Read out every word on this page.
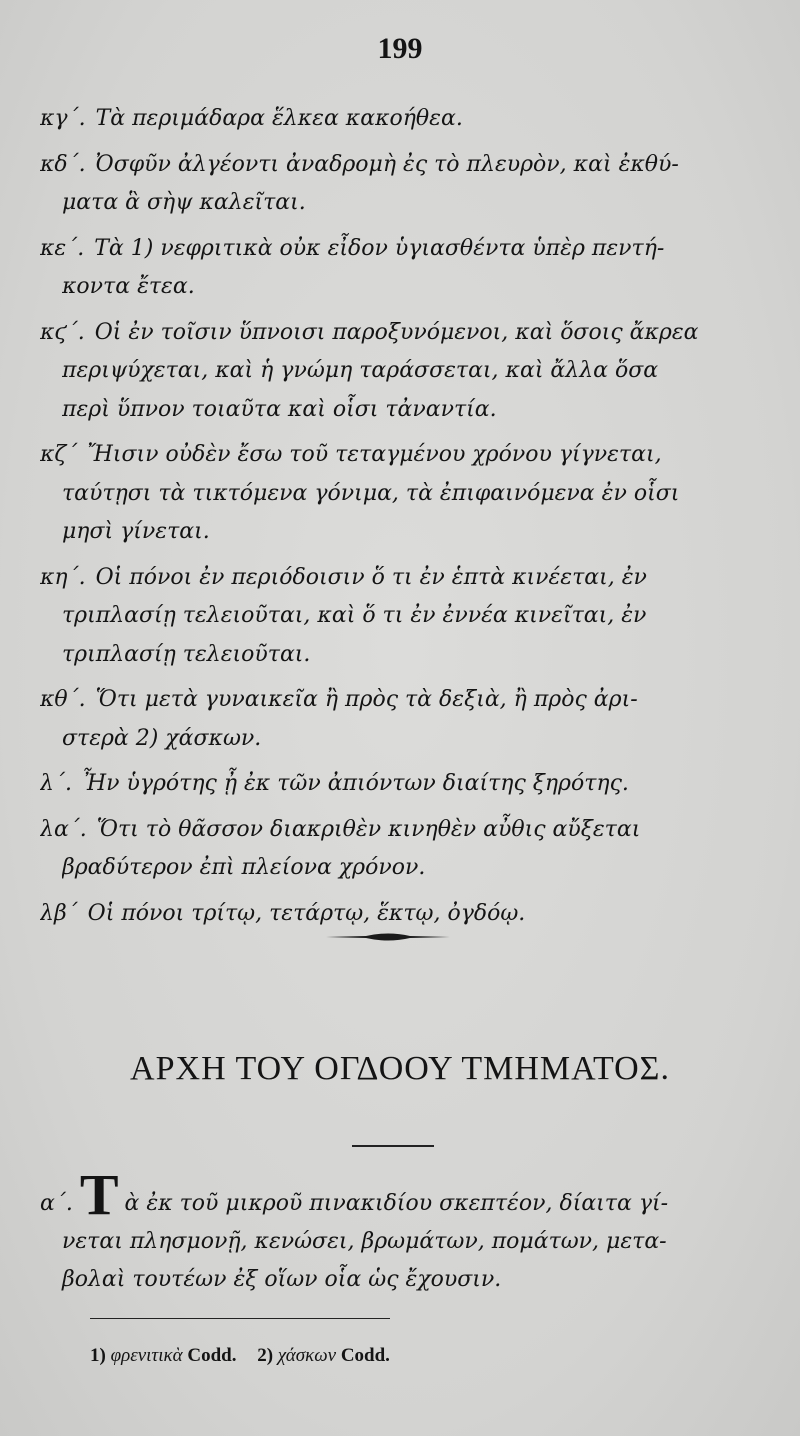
199
κγ΄. Τὰ περιμάδαρα ἕλκεα κακοήθεα.
κδ΄. Ὀσφῦν ἀλγέοντι ἀναδρομὴ ἐς τὸ πλευρὸν, καὶ ἐκθύ-
ματα ἃ σὴψ καλεῖται.
κε΄. Τὰ 1) νεφριτικὰ οὐκ εἶδον ὑγιασθέντα ὑπὲρ πεντή-
κοντα ἔτεα.
κϛ΄. Οἱ ἐν τοῖσιν ὕπνοισι παροξυνόμενοι, καὶ ὅσοις ἄκρεα
περιψύχεται, καὶ ἡ γνώμη ταράσσεται, καὶ ἄλλα ὅσα
περὶ ὕπνον τοιαῦτα καὶ οἷσι τἀναντία.
κζ΄ Ἤισιν οὐδὲν ἔσω τοῦ τεταγμένου χρόνου γίγνεται,
ταύτῃσι τὰ τικτόμενα γόνιμα, τὰ ἐπιφαινόμενα ἐν οἷσι
μησὶ γίνεται.
κη΄. Οἱ πόνοι ἐν περιόδοισιν ὅ τι ἐν ἑπτὰ κινέεται, ἐν
τριπλασίῃ τελειοῦται, καὶ ὅ τι ἐν ἐννέα κινεῖται, ἐν
τριπλασίῃ τελειοῦται.
κθ΄. Ὅτι μετὰ γυναικεῖα ἢ πρὸς τὰ δεξιὰ, ἢ πρὸς ἀρι-
στερὰ 2) χάσκων.
λ΄. Ἦν ὑγρότης ᾖ ἐκ τῶν ἀπιόντων διαίτης ξηρότης.
λα΄. Ὅτι τὸ θᾶσσον διακριθὲν κινηθὲν αὖθις αὔξεται
βραδύτερον ἐπὶ πλείονα χρόνον.
λβ΄ Οἱ πόνοι τρίτῳ, τετάρτῳ, ἕκτῳ, ὀγδόῳ.
ΑΡΧΗ ΤΟΥ ΟΓΔΟΟΥ ΤΜΗΜΑΤΟΣ.
α΄. Τ ὰ ἐκ τοῦ μικροῦ πινακιδίου σκεπτέον, δίαιτα γί-
νεται πλησμονῇ, κενώσει, βρωμάτων, πομάτων, μετα-
βολαὶ τουτέων ἐξ οἵων οἷα ὡς ἔχουσιν.
1) φρενιτικὰ Codd. 2) χάσκων Codd.
